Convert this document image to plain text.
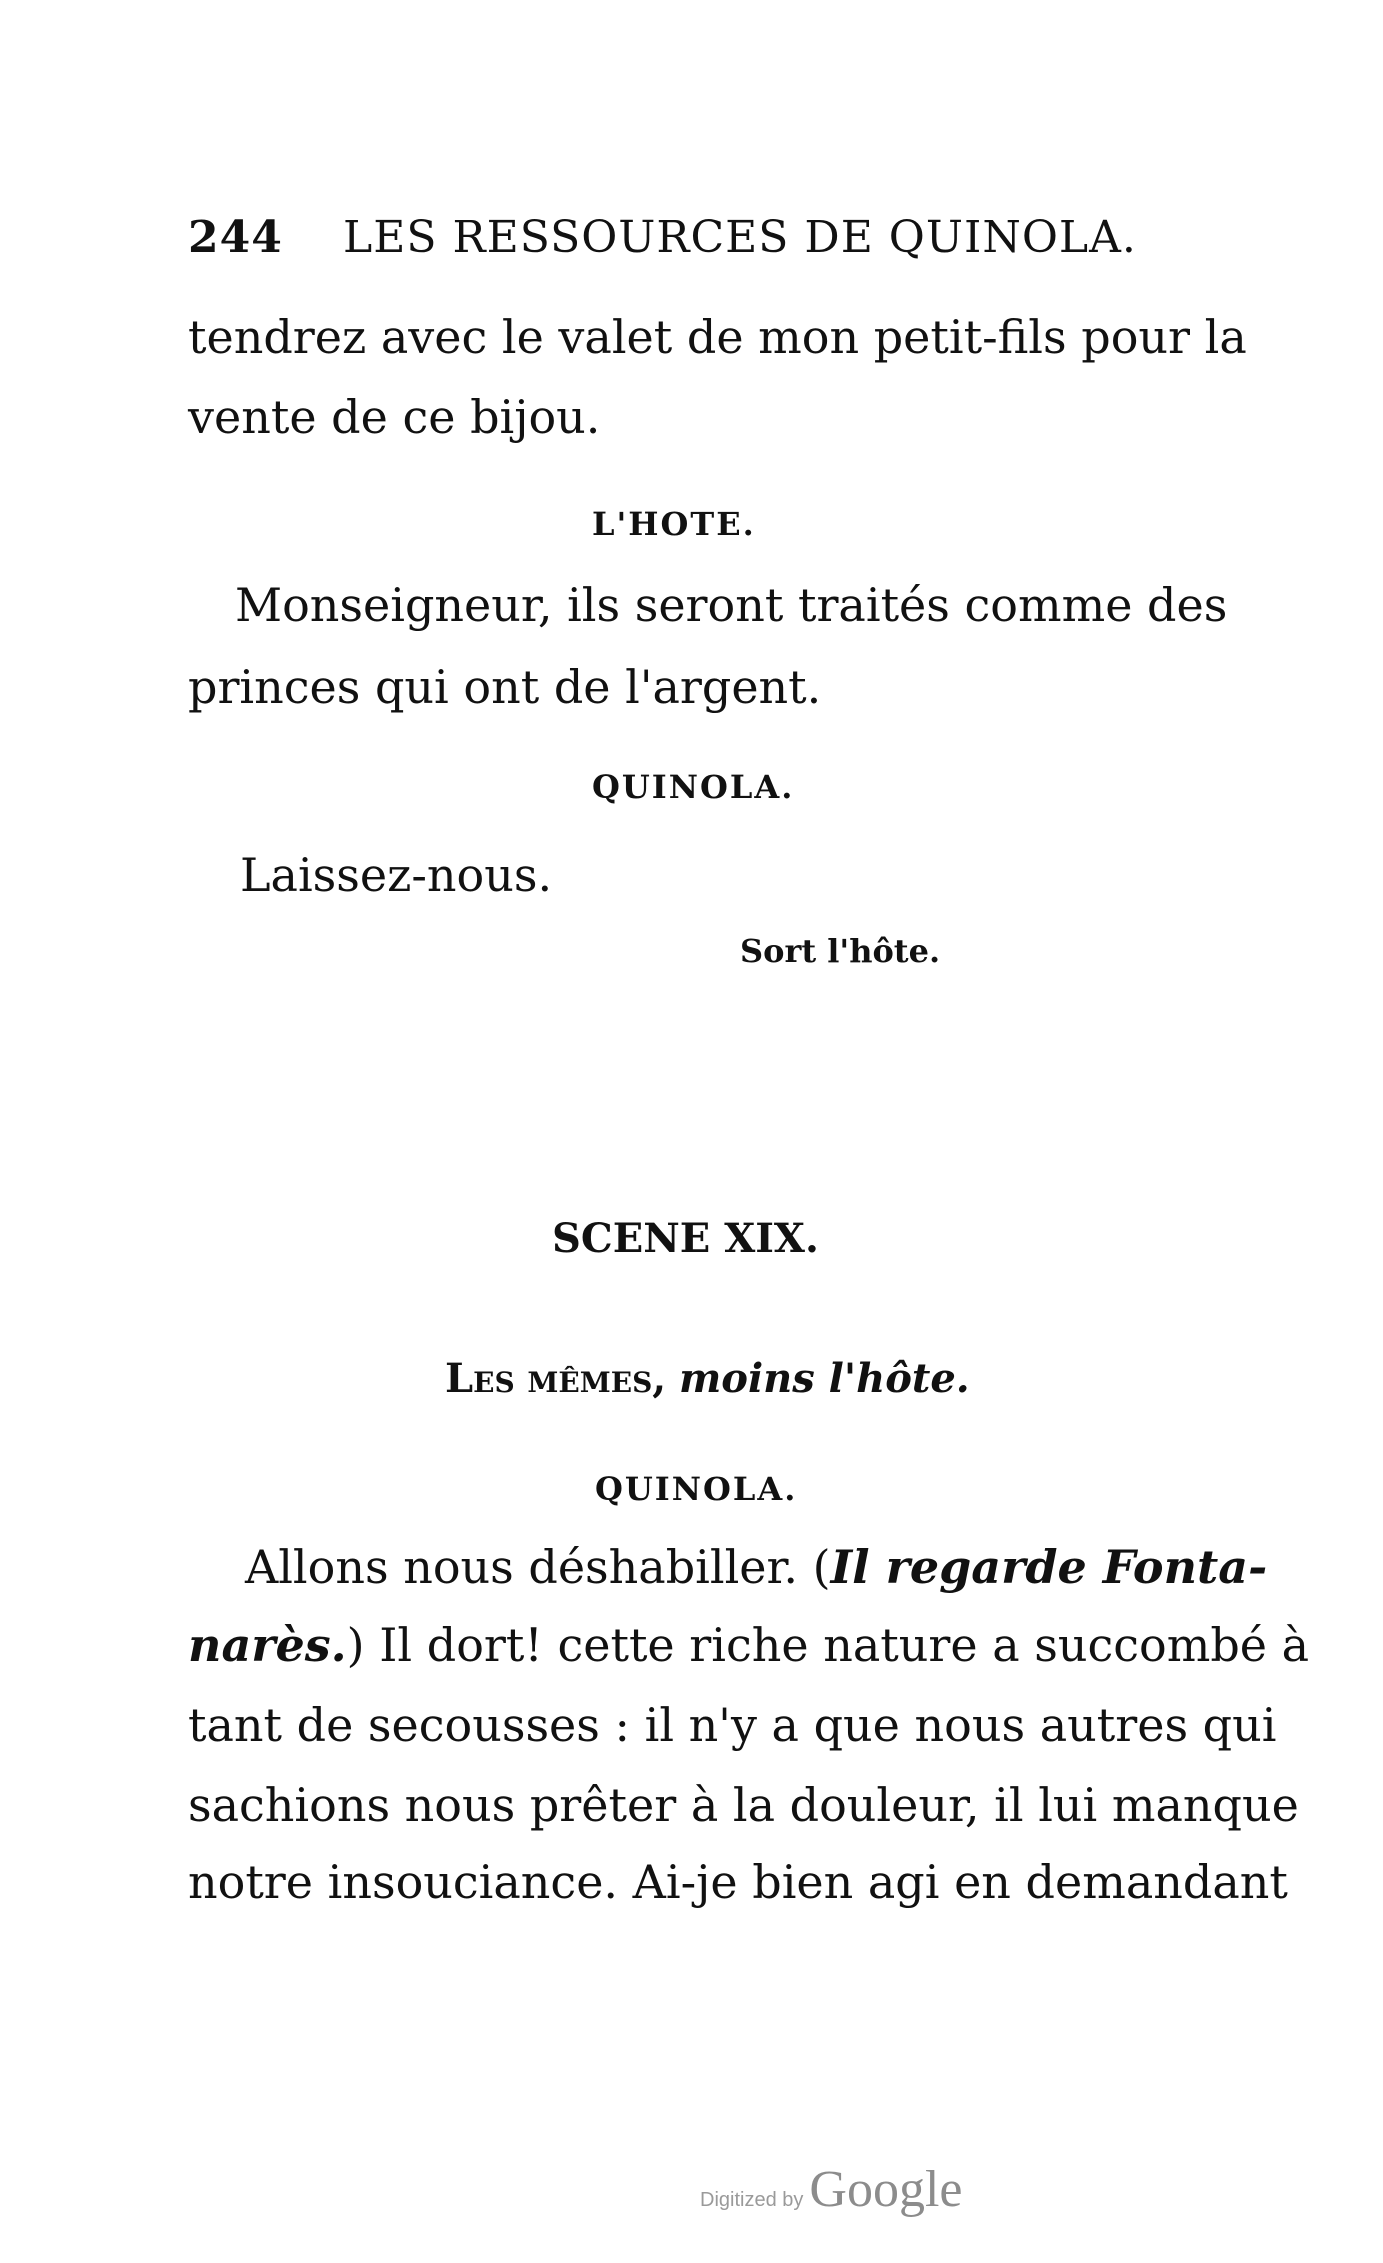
244 LES RESSOURCES DE QUINOLA.
tendrez avec le valet de mon petit-fils pour la
vente de ce bijou.
L'HOTE.
Monseigneur, ils seront traités comme des
princes qui ont de l'argent.
QUINOLA.
Laissez-nous.
Sort l'hôte.
SCENE XIX.
Les mêmes, moins l'hôte.
QUINOLA.
Allons nous déshabiller. (Il regarde Fonta-
narès.) Il dort! cette riche nature a succombé à
tant de secousses : il n'y a que nous autres qui
sachions nous prêter à la douleur, il lui manque
notre insouciance. Ai-je bien agi en demandant
Digitized by Google
